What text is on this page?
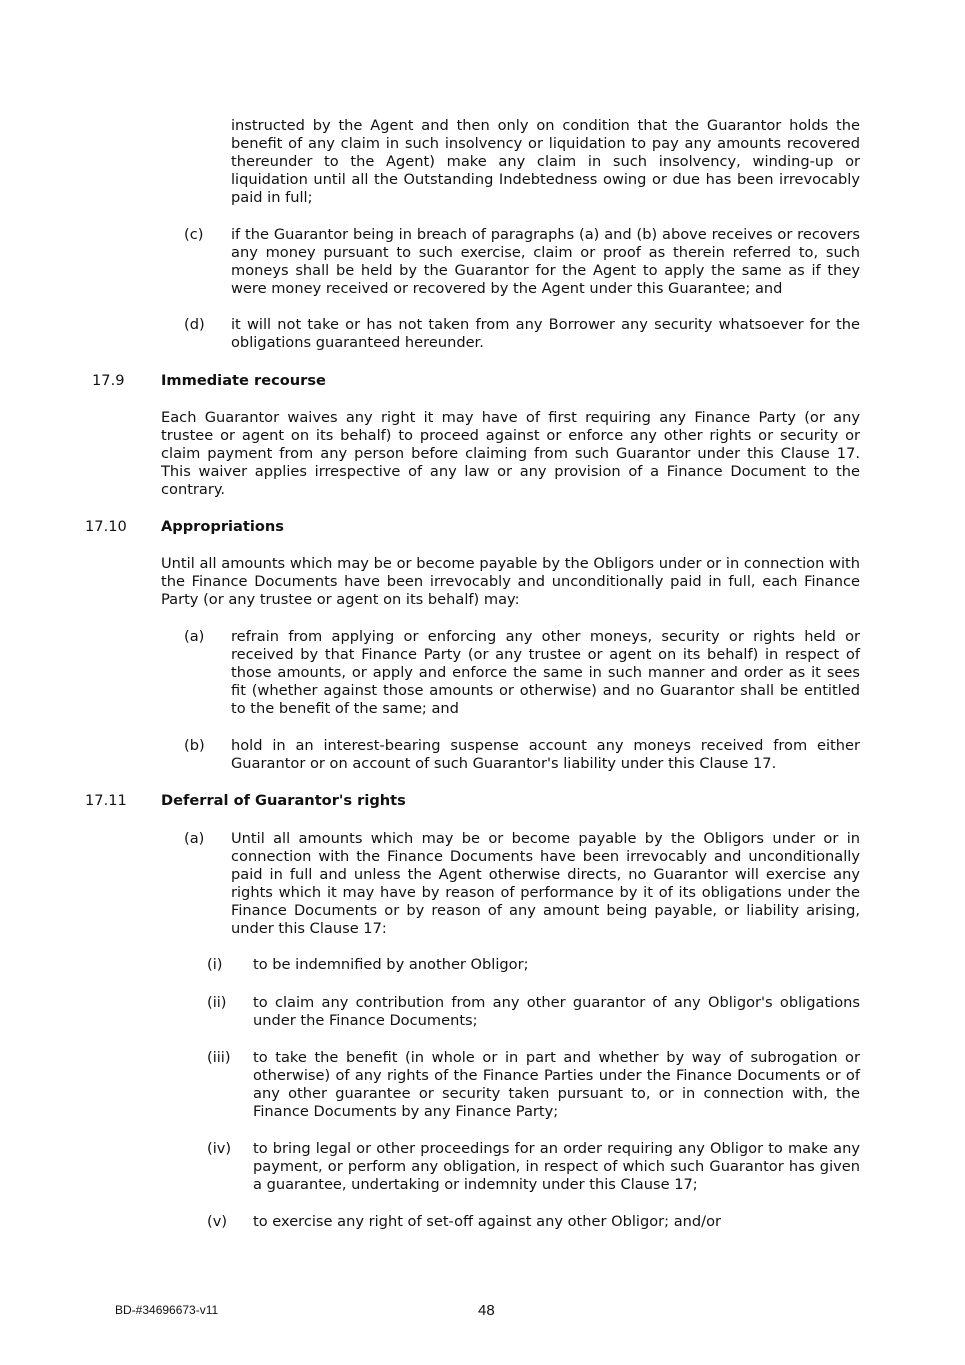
instructed by the Agent and then only on condition that the Guarantor holds the benefit of any claim in such insolvency or liquidation to pay any amounts recovered thereunder to the Agent) make any claim in such insolvency, winding-up or liquidation until all the Outstanding Indebtedness owing or due has been irrevocably paid in full;

(c) if the Guarantor being in breach of paragraphs (a) and (b) above receives or recovers any money pursuant to such exercise, claim or proof as therein referred to, such moneys shall be held by the Guarantor for the Agent to apply the same as if they were money received or recovered by the Agent under this Guarantee; and

(d) it will not take or has not taken from any Borrower any security whatsoever for the obligations guaranteed hereunder.

17.9	Immediate recourse

Each Guarantor waives any right it may have of first requiring any Finance Party (or any trustee or agent on its behalf) to proceed against or enforce any other rights or security or claim payment from any person before claiming from such Guarantor under this Clause 17. This waiver applies irrespective of any law or any provision of a Finance Document to the contrary.

17.10 Appropriations

Until all amounts which may be or become payable by the Obligors under or in connection with the Finance Documents have been irrevocably and unconditionally paid in full, each Finance Party (or any trustee or agent on its behalf) may:

(a) refrain from applying or enforcing any other moneys, security or rights held or received by that Finance Party (or any trustee or agent on its behalf) in respect of those amounts, or apply and enforce the same in such manner and order as it sees fit (whether against those amounts or otherwise) and no Guarantor shall be entitled to the benefit of the same; and

(b) hold in an interest-bearing suspense account any moneys received from either Guarantor or on account of such Guarantor's liability under this Clause 17.

17.11 Deferral of Guarantor's rights
(a) Until all amounts which may be or become payable by the Obligors under or in connection with the Finance Documents have been irrevocably and unconditionally paid in full and unless the Agent otherwise directs, no Guarantor will exercise any rights which it may have by reason of performance by it of its obligations under the Finance Documents or by reason of any amount being payable, or liability arising, under this Clause 17:

(i) to be indemnified by another Obligor;

(ii) to claim any contribution from any other guarantor of any Obligor's obligations under the Finance Documents;

(iii) to take the benefit (in whole or in part and whether by way of subrogation or otherwise) of any rights of the Finance Parties under the Finance Documents or of any other guarantee or security taken pursuant to, or in connection with, the Finance Documents by any Finance Party;

(iv) to bring legal or other proceedings for an order requiring any Obligor to make any payment, or perform any obligation, in respect of which such Guarantor has given a guarantee, undertaking or indemnity under this Clause 17;

(v) to exercise any right of set-off against any other Obligor; and/or

BD-#34696673-v11	48
